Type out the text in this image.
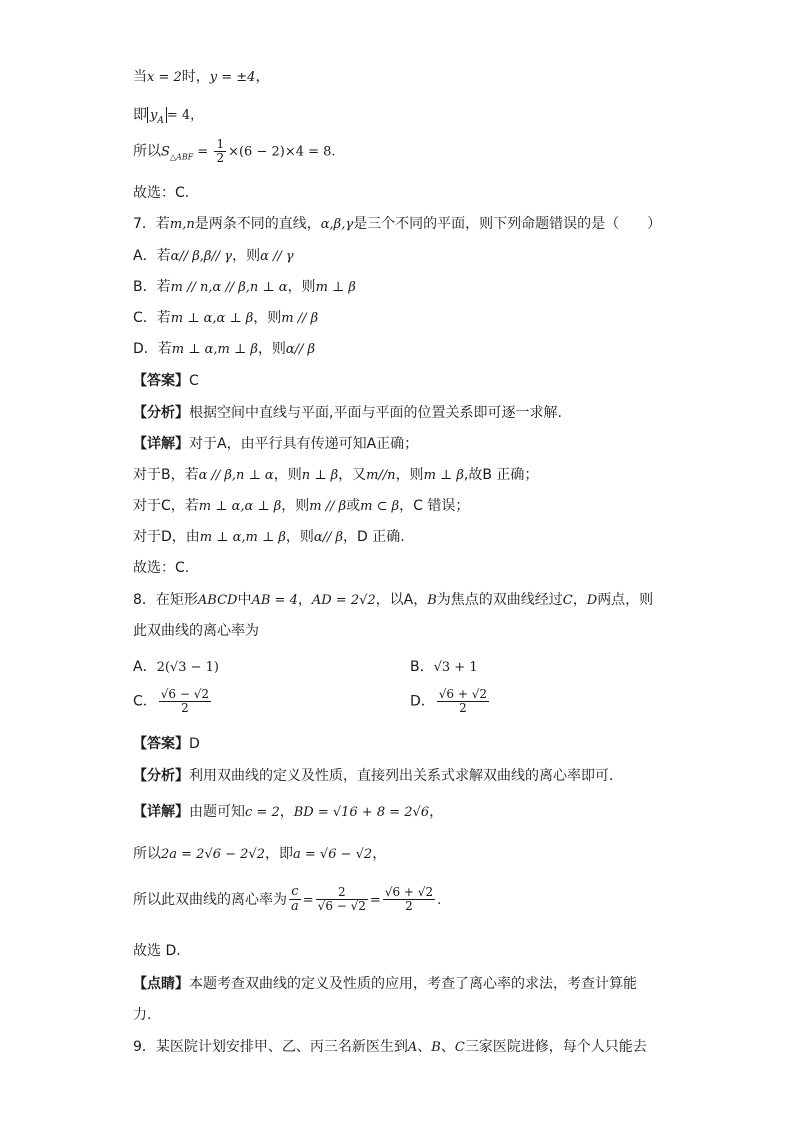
当x = 2时，y = ±4，
即 $y_A = 4$，
所以$S_{\triangle ABF} = \frac{1}{2} \times(6 - 2)\times 4 = 8$.
故选：C.
7．若m,n是两条不同的直线，α,β,γ是三个不同的平面，则下列命题错误的是（　　）
A．若α// β,β// γ，则α // γ
B．若m // n,α // β,n ⊥ α，则m ⊥ β
C．若m ⊥ α,α ⊥ β，则m // β
D．若m ⊥ α,m ⊥ β，则α// β
【答案】C
【分析】根据空间中直线与平面,平面与平面的位置关系即可逐一求解.
【详解】对于A，由平行具有传递可知A正确；
对于B，若α // β,n ⊥ α，则n ⊥ β，又m//n，则m ⊥ β,故B 正确；
对于C，若m ⊥ α,α ⊥ β，则m // β或m ⊂ β，C 错误；
对于D，由m ⊥ α,m ⊥ β，则α// β，D 正确.
故选：C.
8．在矩形ABCD中AB = 4，AD = 2√2，以A，B为焦点的双曲线经过C，D两点，则
此双曲线的离心率为
A．2(√3 − 1)	B．√3 + 1
C． $\frac{√6 - √2}{2}$	D． $\frac{√6 + √2}{2}$
【答案】D
【分析】利用双曲线的定义及性质，直接列出关系式求解双曲线的离心率即可．
【详解】由题可知c = 2，BD = √16 + 8 = 2√6，
所以2a = 2√6 − 2√2，即a = √6 − √2，
所以此双曲线的离心率为 $\frac{c}{a} = \frac{2}{√6 - √2} = \frac{√6 + √2}{2}$ .
故选 D.
【点睛】本题考查双曲线的定义及性质的应用，考查了离心率的求法，考查计算能
力.
9．某医院计划安排甲、乙、丙三名新医生到A、B、C三家医院进修，每个人只能去
